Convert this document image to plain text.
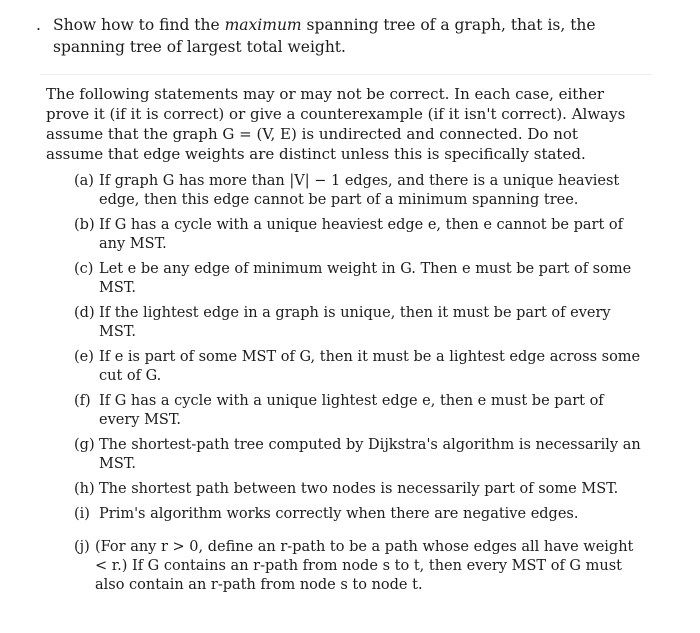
. Show how to find the maximum spanning tree of a graph, that is, the spanning tree of largest total weight.
The following statements may or may not be correct. In each case, either prove it (if it is correct) or give a counterexample (if it isn't correct). Always assume that the graph G = (V, E) is undirected and connected. Do not assume that edge weights are distinct unless this is specifically stated.
(a) If graph G has more than |V| − 1 edges, and there is a unique heaviest edge, then this edge cannot be part of a minimum spanning tree.
(b) If G has a cycle with a unique heaviest edge e, then e cannot be part of any MST.
(c) Let e be any edge of minimum weight in G. Then e must be part of some MST.
(d) If the lightest edge in a graph is unique, then it must be part of every MST.
(e) If e is part of some MST of G, then it must be a lightest edge across some cut of G.
(f) If G has a cycle with a unique lightest edge e, then e must be part of every MST.
(g) The shortest-path tree computed by Dijkstra's algorithm is necessarily an MST.
(h) The shortest path between two nodes is necessarily part of some MST.
(i) Prim's algorithm works correctly when there are negative edges.
(j) (For any r > 0, define an r-path to be a path whose edges all have weight < r.) If G contains an r-path from node s to t, then every MST of G must also contain an r-path from node s to node t.
